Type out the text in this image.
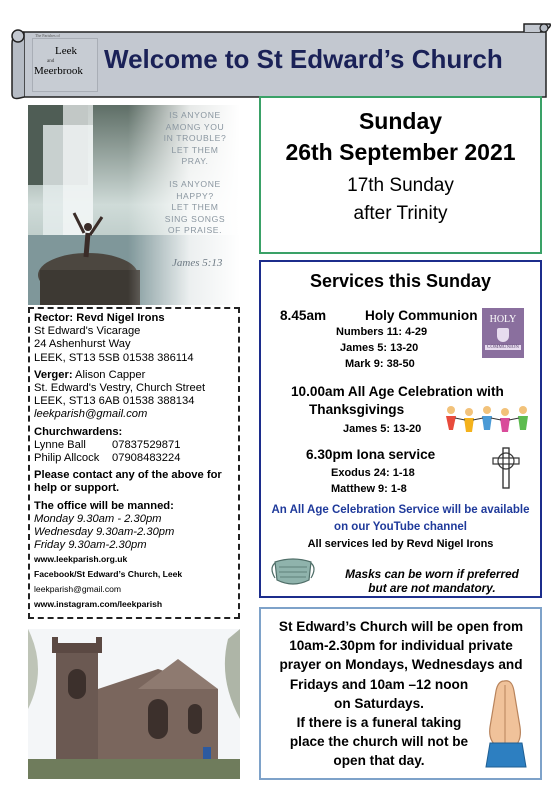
The Parishes of
Leek
and
Meerbrook Welcome to St Edward’s Church
IS ANYONE
AMONG YOU
IN TROUBLE?
LET THEM
PRAY.
IS ANYONE
HAPPY?
LET THEM
SING SONGS
OF PRAISE.
James 5:13
Rector: Revd Nigel Irons
St Edward's Vicarage
24 Ashenhurst Way
LEEK, ST13 5SB 01538 386114
Verger: Alison Capper
St. Edward's Vestry, Church Street
LEEK, ST13 6AB 01538 388134
leekparish@gmail.com
Churchwardens:
Lynne Ball	07837529871
Philip Allcock	07908483224
Please contact any of the above for help or support.
The office will be manned:
Monday 9.30am - 2.30pm
Wednesday 9.30am-2.30pm
Friday 9.30am-2.30pm
www.leekparish.org.uk
Facebook/St Edward’s Church, Leek
leekparish@gmail.com
www.instagram.com/leekparish
Sunday
26th September 2021
17th Sunday
after Trinity
Services this Sunday
8.45am	Holy Communion
Numbers 11: 4-29
James 5: 13-20
Mark 9: 38-50
HOLY
COMMUNION
10.00am All Age Celebration with
Thanksgivings
James 5: 13-20
6.30pm Iona service
Exodus 24: 1-18
Matthew 9: 1-8
An All Age Celebration Service will be available
on our YouTube channel
All services led by Revd Nigel Irons
Masks can be worn if preferred
but are not mandatory.
St Edward’s Church will be open from
10am-2.30pm for individual private
prayer on Mondays, Wednesdays and
Fridays and 10am –12 noon
on Saturdays.
If there is a funeral taking
place the church will not be
open that day.
